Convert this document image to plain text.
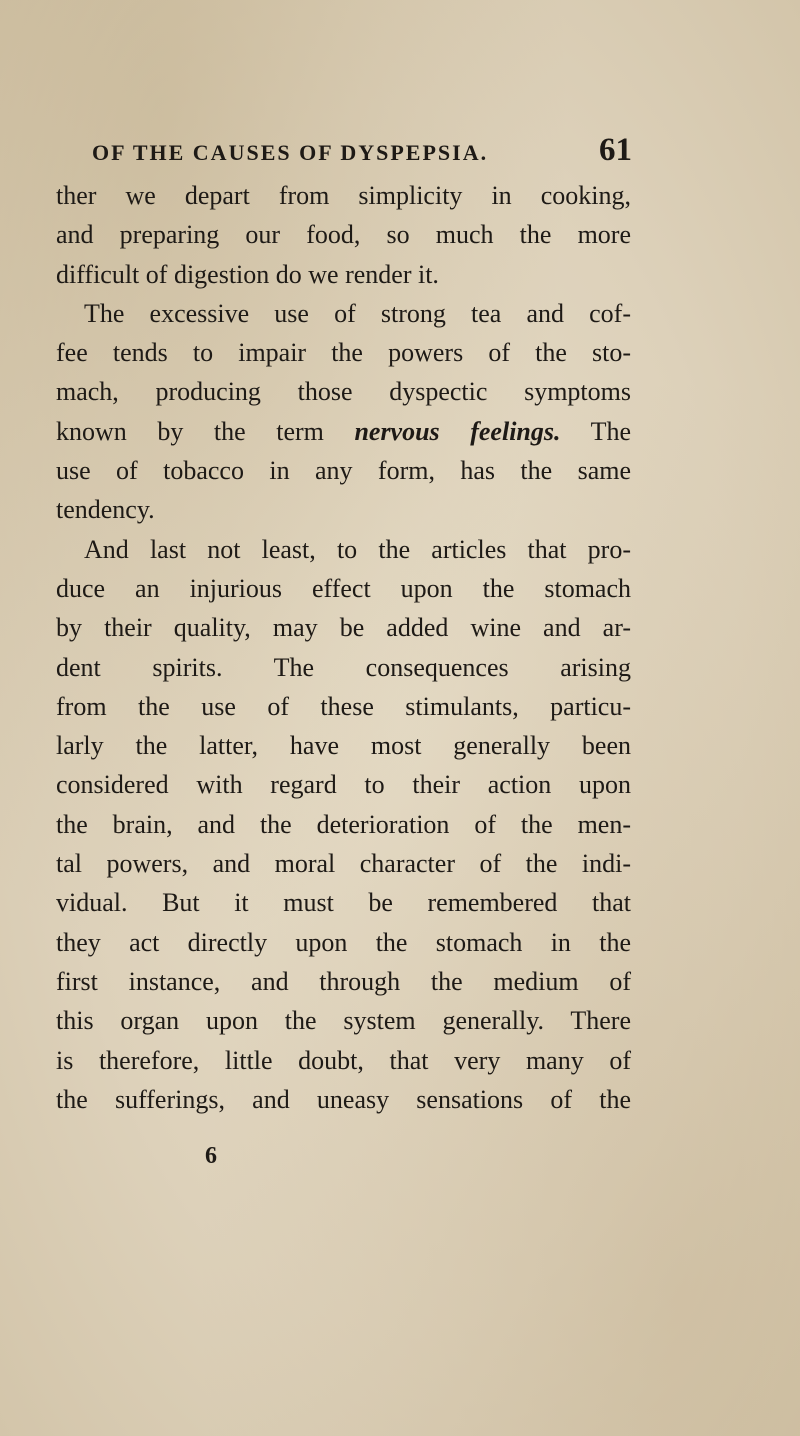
OF THE CAUSES OF DYSPEPSIA.	61
ther we depart from simplicity in cooking,
and preparing our food, so much the more
difficult of digestion do we render it.
The excessive use of strong tea and cof-
fee tends to impair the powers of the sto-
mach, producing those dyspectic symptoms
known by the term nervous feelings. The
use of tobacco in any form, has the same
tendency.
And last not least, to the articles that pro-
duce an injurious effect upon the stomach
by their quality, may be added wine and ar-
dent spirits. The consequences arising
from the use of these stimulants, particu-
larly the latter, have most generally been
considered with regard to their action upon
the brain, and the deterioration of the men-
tal powers, and moral character of the indi-
vidual. But it must be remembered that
they act directly upon the stomach in the
first instance, and through the medium of
this organ upon the system generally. There
is therefore, little doubt, that very many of
the sufferings, and uneasy sensations of the
6
